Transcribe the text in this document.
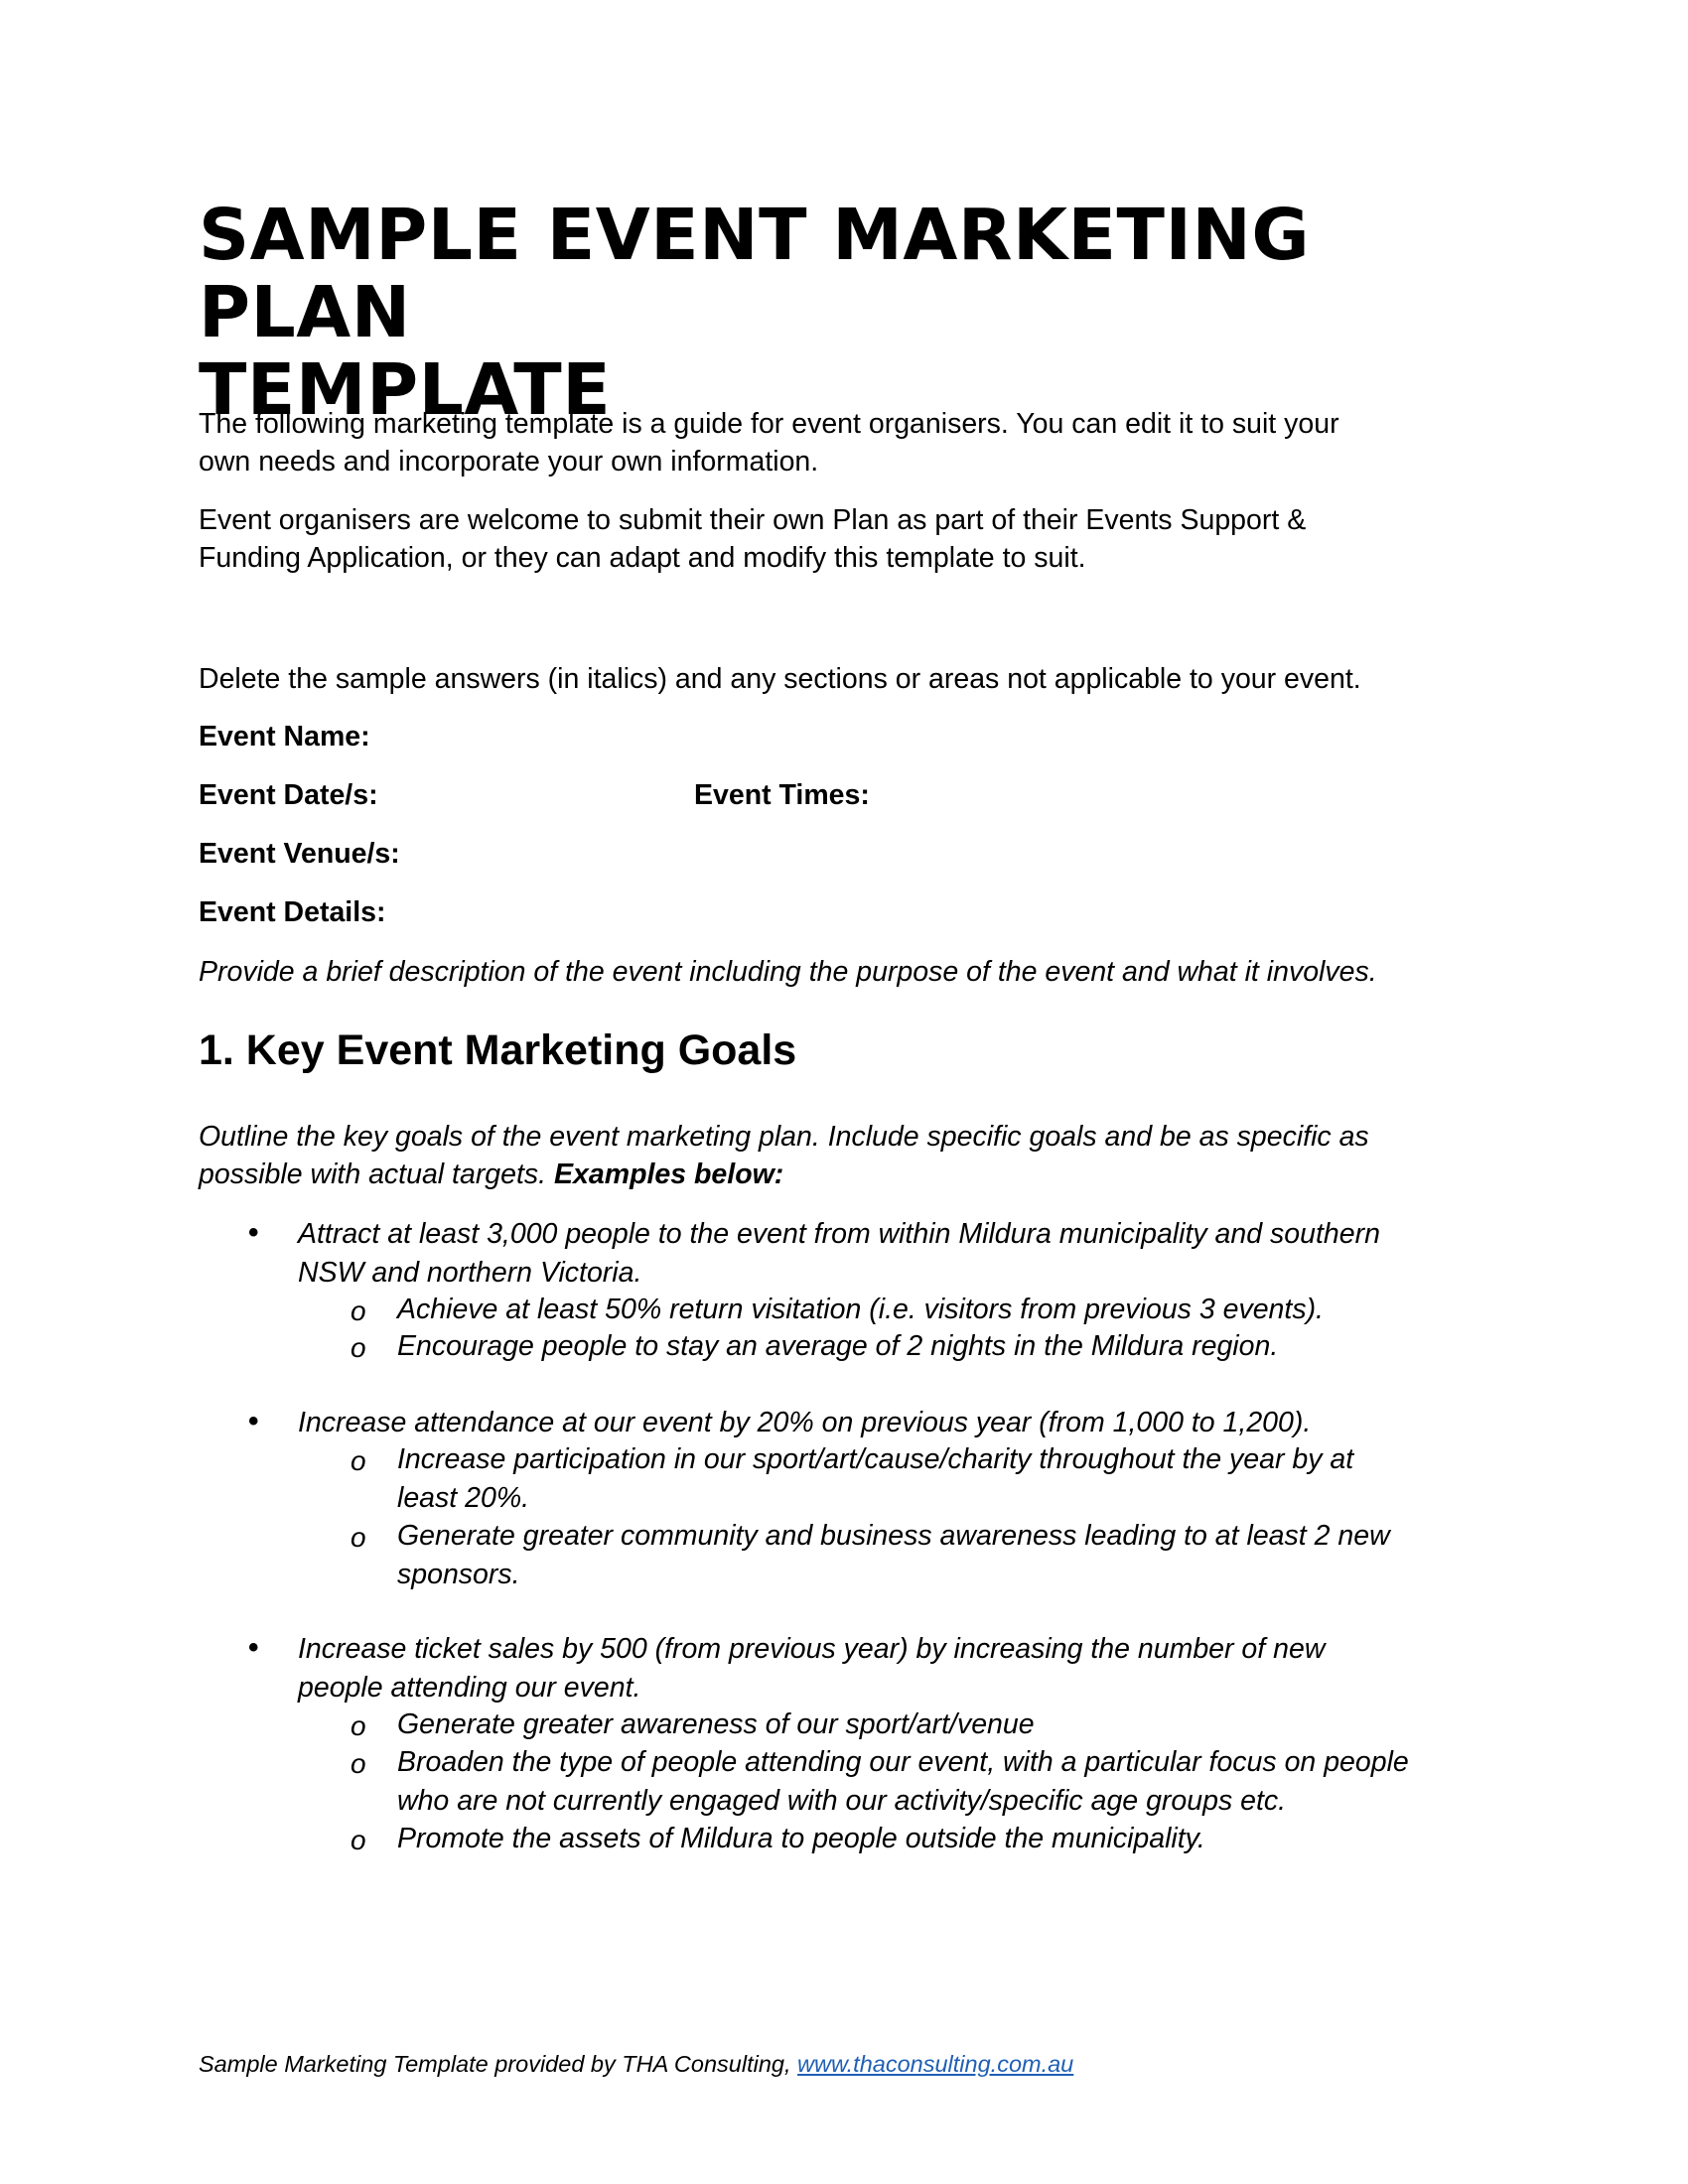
SAMPLE EVENT MARKETING PLAN
TEMPLATE

The following marketing template is a guide for event organisers. You can edit it to suit your
own needs and incorporate your own information.

Event organisers are welcome to submit their own Plan as part of their Events Support &
Funding Application, or they can adapt and modify this template to suit.

Delete the sample answers (in italics) and any sections or areas not applicable to your event.

Event Name:

Event Date/s:	Event Times:

Event Venue/s:

Event Details:

Provide a brief description of the event including the purpose of the event and what it involves.

1. Key Event Marketing Goals

Outline the key goals of the event marketing plan. Include specific goals and be as specific as
possible with actual targets. Examples below:

• Attract at least 3,000 people to the event from within Mildura municipality and southern
NSW and northern Victoria.

o Achieve at least 50% return visitation (i.e. visitors from previous 3 events).

o Encourage people to stay an average of 2 nights in the Mildura region.

• Increase attendance at our event by 20% on previous year (from 1,000 to 1,200).

o Increase participation in our sport/art/cause/charity throughout the year by at
least 20%.

o Generate greater community and business awareness leading to at least 2 new
sponsors.

• Increase ticket sales by 500 (from previous year) by increasing the number of new
people attending our event.

o Generate greater awareness of our sport/art/venue

o Broaden the type of people attending our event, with a particular focus on people
who are not currently engaged with our activity/specific age groups etc.

o Promote the assets of Mildura to people outside the municipality.

Sample Marketing Template provided by THA Consulting, www.thaconsulting.com.au
